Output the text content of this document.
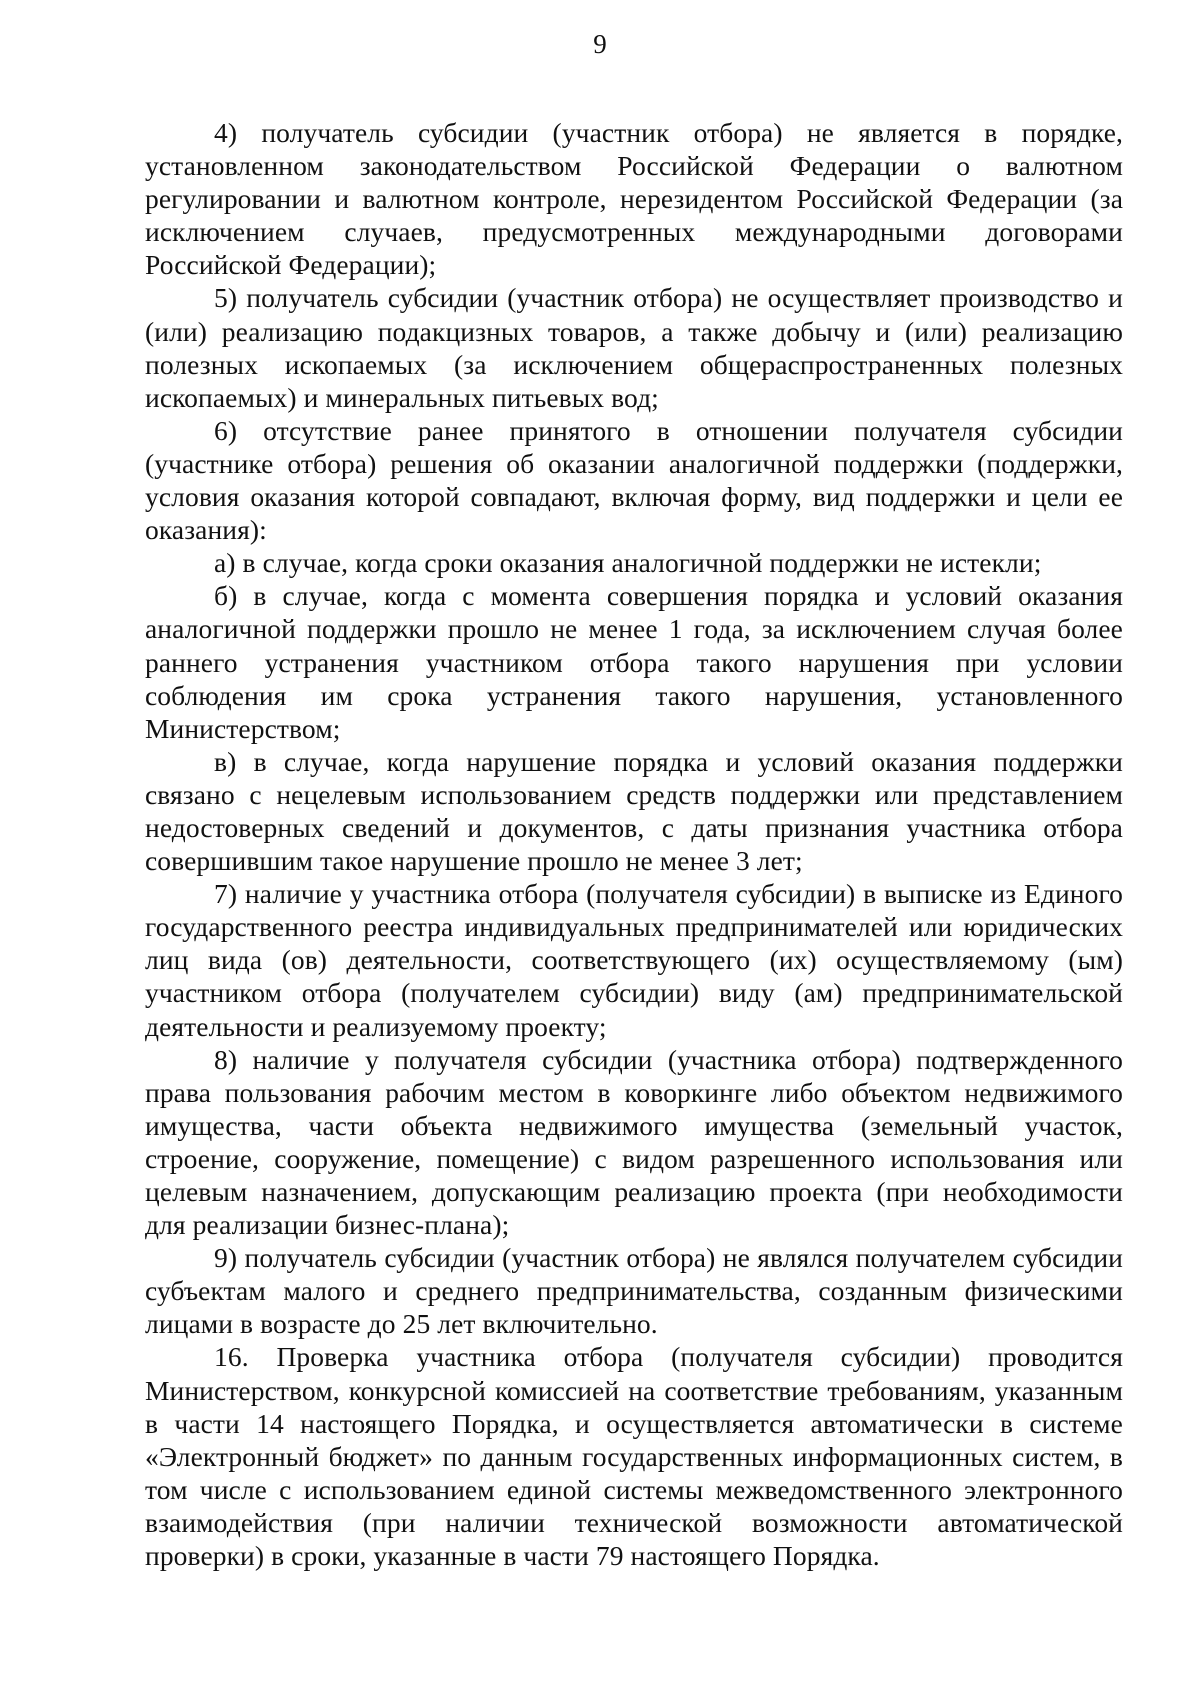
9

4) получатель субсидии (участник отбора) не является в порядке, установленном законодательством Российской Федерации о валютном регулировании и валютном контроле, нерезидентом Российской Федерации (за исключением случаев, предусмотренных международными договорами Российской Федерации);

5) получатель субсидии (участник отбора) не осуществляет производство и (или) реализацию подакцизных товаров, а также добычу и (или) реализацию полезных ископаемых (за исключением общераспространенных полезных ископаемых) и минеральных питьевых вод;

6) отсутствие ранее принятого в отношении получателя субсидии (участнике отбора) решения об оказании аналогичной поддержки (поддержки, условия оказания которой совпадают, включая форму, вид поддержки и цели ее оказания):

а) в случае, когда сроки оказания аналогичной поддержки не истекли;

б) в случае, когда с момента совершения порядка и условий оказания аналогичной поддержки прошло не менее 1 года, за исключением случая более раннего устранения участником отбора такого нарушения при условии соблюдения им срока устранения такого нарушения, установленного Министерством;

в) в случае, когда нарушение порядка и условий оказания поддержки связано с нецелевым использованием средств поддержки или представлением недостоверных сведений и документов, с даты признания участника отбора совершившим такое нарушение прошло не менее 3 лет;

7) наличие у участника отбора (получателя субсидии) в выписке из Единого государственного реестра индивидуальных предпринимателей или юридических лиц вида (ов) деятельности, соответствующего (их) осуществляемому (ым) участником отбора (получателем субсидии) виду (ам) предпринимательской деятельности и реализуемому проекту;

8) наличие у получателя субсидии (участника отбора) подтвержденного права пользования рабочим местом в коворкинге либо объектом недвижимого имущества, части объекта недвижимого имущества (земельный участок, строение, сооружение, помещение) с видом разрешенного использования или целевым назначением, допускающим реализацию проекта (при необходимости для реализации бизнес-плана);

9) получатель субсидии (участник отбора) не являлся получателем субсидии субъектам малого и среднего предпринимательства, созданным физическими лицами в возрасте до 25 лет включительно.

16. Проверка участника отбора (получателя субсидии) проводится Министерством, конкурсной комиссией на соответствие требованиям, указанным в части 14 настоящего Порядка, и осуществляется автоматически в системе «Электронный бюджет» по данным государственных информационных систем, в том числе с использованием единой системы межведомственного электронного взаимодействия (при наличии технической возможности автоматической проверки) в сроки, указанные в части 79 настоящего Порядка.
